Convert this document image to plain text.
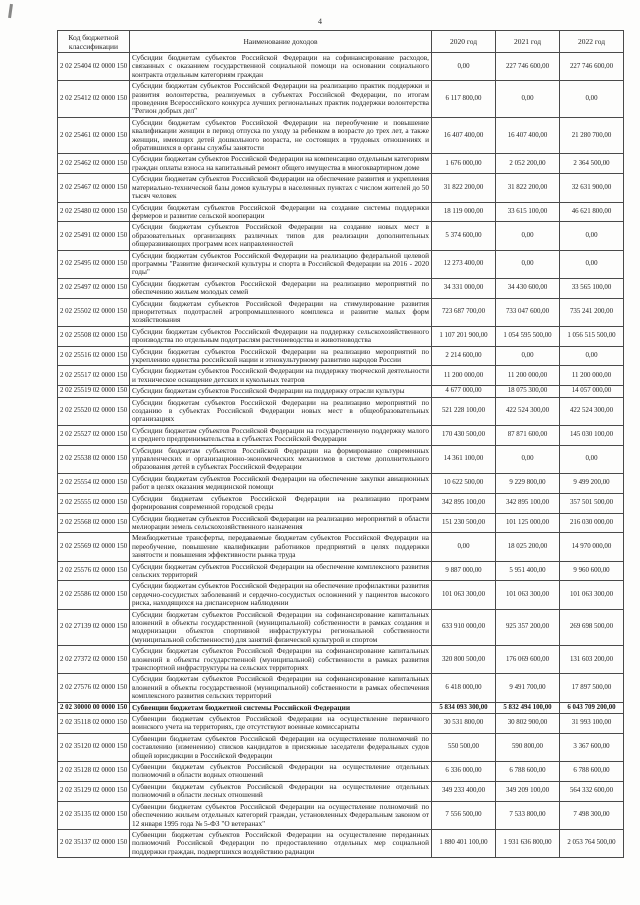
4
Код бюджетной классификации	Наименование доходов	2020 год	2021 год	2022 год
2 02 25404 02 0000 150	Субсидии бюджетам субъектов Российской Федерации на софинансирование расходов, связанных с оказанием государственной социальной помощи на основании социального контракта отдельным категориям граждан	0,00	227 746 600,00	227 746 600,00
2 02 25412 02 0000 150	Субсидии бюджетам субъектов Российской Федерации на реализацию практик поддержки и развития волонтерства, реализуемых в субъектах Российской Федерации, по итогам проведения Всероссийского конкурса лучших региональных практик поддержки волонтерства "Регион добрых дел"	6 117 800,00	0,00	0,00
2 02 25461 02 0000 150	Субсидии бюджетам субъектов Российской Федерации на переобучение и повышение квалификации женщин в период отпуска по уходу за ребенком в возрасте до трех лет, а также женщин, имеющих детей дошкольного возраста, не состоящих в трудовых отношениях и обратившихся в органы службы занятости	16 407 400,00	16 407 400,00	21 280 700,00
2 02 25462 02 0000 150	Субсидии бюджетам субъектов Российской Федерации на компенсацию отдельным категориям граждан оплаты взноса на капитальный ремонт общего имущества в многоквартирном доме	1 676 000,00	2 052 200,00	2 364 500,00
2 02 25467 02 0000 150	Субсидии бюджетам субъектов Российской Федерации на обеспечение развития и укрепления материально-технической базы домов культуры в населенных пунктах с числом жителей до 50 тысяч человек	31 822 200,00	31 822 200,00	32 631 900,00
2 02 25480 02 0000 150	Субсидии бюджетам субъектов Российской Федерации на создание системы поддержки фермеров и развитие сельской кооперации	18 119 000,00	33 615 100,00	46 621 800,00
2 02 25491 02 0000 150	Субсидии бюджетам субъектов Российской Федерации на создание новых мест в образовательных организациях различных типов для реализации дополнительных общеразвивающих программ всех направленностей	5 374 600,00	0,00	0,00
2 02 25495 02 0000 150	Субсидии бюджетам субъектов Российской Федерации на реализацию федеральной целевой программы "Развитие физической культуры и спорта в Российской Федерации на 2016 - 2020 годы"	12 273 400,00	0,00	0,00
2 02 25497 02 0000 150	Субсидии бюджетам субъектов Российской Федерации на реализацию мероприятий по обеспечению жильем молодых семей	34 331 000,00	34 430 600,00	33 565 100,00
2 02 25502 02 0000 150	Субсидии бюджетам субъектов Российской Федерации на стимулирование развития приоритетных подотраслей агропромышленного комплекса и развитие малых форм хозяйствования	723 687 700,00	733 047 600,00	735 241 200,00
2 02 25508 02 0000 150	Субсидии бюджетам субъектов Российской Федерации на поддержку сельскохозяйственного производства по отдельным подотраслям растениеводства и животноводства	1 107 201 900,00	1 054 595 500,00	1 056 515 500,00
2 02 25516 02 0000 150	Субсидии бюджетам субъектов Российской Федерации на реализацию мероприятий по укреплению единства российской нации и этнокультурному развитию народов России	2 214 600,00	0,00	0,00
2 02 25517 02 0000 150	Субсидии бюджетам субъектов Российской Федерации на поддержку творческой деятельности и техническое оснащение детских и кукольных театров	11 200 000,00	11 200 000,00	11 200 000,00
2 02 25519 02 0000 150	Субсидии бюджетам субъектов Российской Федерации на поддержку отрасли культуры	4 677 000,00	18 075 300,00	14 057 000,00
2 02 25520 02 0000 150	Субсидии бюджетам субъектов Российской Федерации на реализацию мероприятий по созданию в субъектах Российской Федерации новых мест в общеобразовательных организациях	521 228 100,00	422 524 300,00	422 524 300,00
2 02 25527 02 0000 150	Субсидии бюджетам субъектов Российской Федерации на государственную поддержку малого и среднего предпринимательства в субъектах Российской Федерации	170 430 500,00	87 871 600,00	145 030 100,00
2 02 25538 02 0000 150	Субсидии бюджетам субъектов Российской Федерации на формирование современных управленческих и организационно-экономических механизмов в системе дополнительного образования детей в субъектах Российской Федерации	14 361 100,00	0,00	0,00
2 02 25554 02 0000 150	Субсидии бюджетам субъектов Российской Федерации на обеспечение закупки авиационных работ в целях оказания медицинской помощи	10 622 500,00	9 229 800,00	9 499 200,00
2 02 25555 02 0000 150	Субсидии бюджетам субъектов Российской Федерации на реализацию программ формирования современной городской среды	342 895 100,00	342 895 100,00	357 501 500,00
2 02 25568 02 0000 150	Субсидии бюджетам субъектов Российской Федерации на реализацию мероприятий в области мелиорации земель сельскохозяйственного назначения	151 230 500,00	101 125 000,00	216 030 000,00
2 02 25569 02 0000 150	Межбюджетные трансферты, передаваемые бюджетам субъектов Российской Федерации на переобучение, повышение квалификации работников предприятий в целях поддержки занятости и повышения эффективности рынка труда	0,00	18 025 200,00	14 970 000,00
2 02 25576 02 0000 150	Субсидии бюджетам субъектов Российской Федерации на обеспечение комплексного развития сельских территорий	9 887 000,00	5 951 400,00	9 960 600,00
2 02 25586 02 0000 150	Субсидии бюджетам субъектов Российской Федерации на обеспечение профилактики развития сердечно-сосудистых заболеваний и сердечно-сосудистых осложнений у пациентов высокого риска, находящихся на диспансерном наблюдении	101 063 300,00	101 063 300,00	101 063 300,00
2 02 27139 02 0000 150	Субсидии бюджетам субъектов Российской Федерации на софинансирование капитальных вложений в объекты государственной (муниципальной) собственности в рамках создания и модернизации объектов спортивной инфраструктуры региональной собственности (муниципальной собственности) для занятий физической культурой и спортом	633 910 000,00	925 357 200,00	269 698 500,00
2 02 27372 02 0000 150	Субсидии бюджетам субъектов Российской Федерации на софинансирование капитальных вложений в объекты государственной (муниципальной) собственности в рамках развития транспортной инфраструктуры на сельских территориях	320 800 500,00	176 069 600,00	131 603 200,00
2 02 27576 02 0000 150	Субсидии бюджетам субъектов Российской Федерации на софинансирование капитальных вложений в объекты государственной (муниципальной) собственности в рамках обеспечения комплексного развития сельских территорий	6 418 000,00	9 491 700,00	17 897 500,00
2 02 30000 00 0000 150	Субвенции бюджетам бюджетной системы Российской Федерации	5 834 093 300,00	5 832 494 100,00	6 043 709 200,00
2 02 35118 02 0000 150	Субвенции бюджетам субъектов Российской Федерации на осуществление первичного воинского учета на территориях, где отсутствуют военные комиссариаты	30 531 800,00	30 802 900,00	31 993 100,00
2 02 35120 02 0000 150	Субвенции бюджетам субъектов Российской Федерации на осуществление полномочий по составлению (изменению) списков кандидатов в присяжные заседатели федеральных судов общей юрисдикции в Российской Федерации	550 500,00	590 800,00	3 367 600,00
2 02 35128 02 0000 150	Субвенции бюджетам субъектов Российской Федерации на осуществление отдельных полномочий в области водных отношений	6 336 000,00	6 788 600,00	6 788 600,00
2 02 35129 02 0000 150	Субвенции бюджетам субъектов Российской Федерации на осуществление отдельных полномочий в области лесных отношений	349 233 400,00	349 209 100,00	564 332 600,00
2 02 35135 02 0000 150	Субвенции бюджетам субъектов Российской Федерации на осуществление полномочий по обеспечению жильем отдельных категорий граждан, установленных Федеральным законом от 12 января 1995 года № 5-ФЗ "О ветеранах"	7 556 500,00	7 533 800,00	7 498 300,00
2 02 35137 02 0000 150	Субвенции бюджетам субъектов Российской Федерации на осуществление переданных полномочий Российской Федерации по предоставлению отдельных мер социальной поддержки граждан, подвергшихся воздействию радиации	1 880 401 100,00	1 931 636 800,00	2 053 764 500,00
